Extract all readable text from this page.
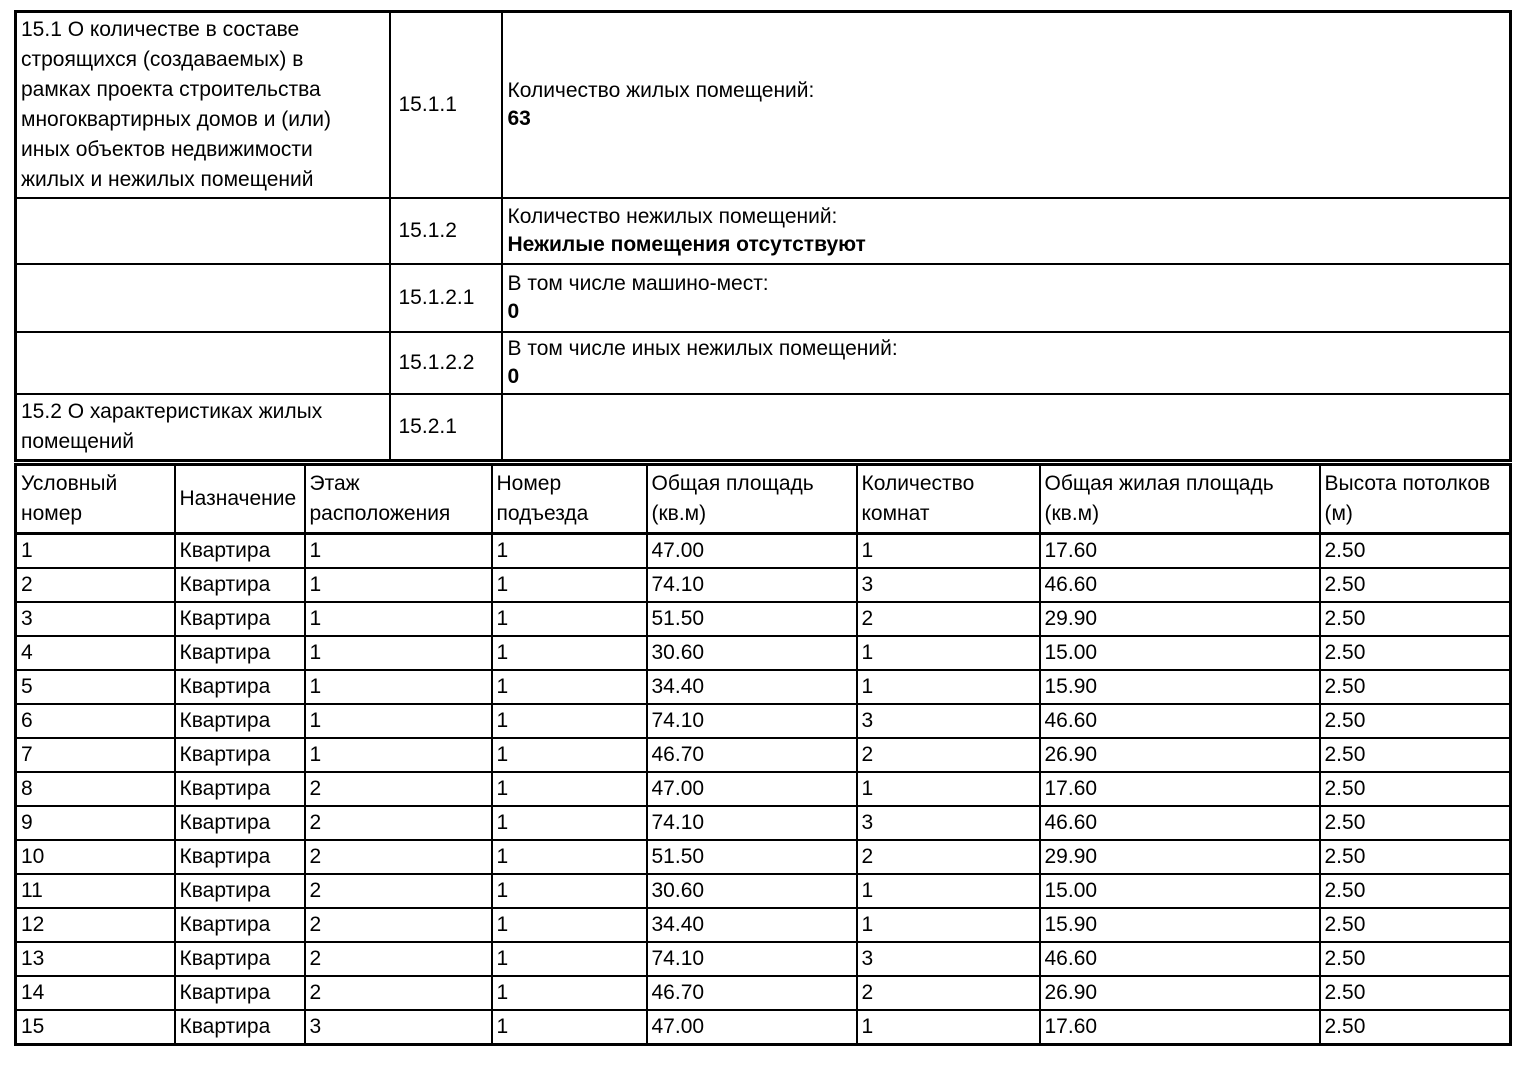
15.1 О количестве в составе строящихся (создаваемых) в рамках проекта строительства многоквартирных домов и (или) иных объектов недвижимости жилых и нежилых помещений	15.1.1	Количество жилых помещений:
63

	15.1.2	Количество нежилых помещений:
Нежилые помещения отсутствуют

	15.1.2.1	В том числе машино-мест:
0

	15.1.2.2	В том числе иных нежилых помещений:
0

15.2 О характеристиках жилых помещений	15.2.1	
Условный номер	Назначение	Этаж расположения	Номер подъезда	Общая площадь (кв.м)	Количество комнат	Общая жилая площадь (кв.м)	Высота потолков (м)
1	Квартира	1	1	47.00	1	17.60	2.50
2	Квартира	1	1	74.10	3	46.60	2.50
3	Квартира	1	1	51.50	2	29.90	2.50
4	Квартира	1	1	30.60	1	15.00	2.50
5	Квартира	1	1	34.40	1	15.90	2.50
6	Квартира	1	1	74.10	3	46.60	2.50
7	Квартира	1	1	46.70	2	26.90	2.50
8	Квартира	2	1	47.00	1	17.60	2.50
9	Квартира	2	1	74.10	3	46.60	2.50
10	Квартира	2	1	51.50	2	29.90	2.50
11	Квартира	2	1	30.60	1	15.00	2.50
12	Квартира	2	1	34.40	1	15.90	2.50
13	Квартира	2	1	74.10	3	46.60	2.50
14	Квартира	2	1	46.70	2	26.90	2.50
15	Квартира	3	1	47.00	1	17.60	2.50
